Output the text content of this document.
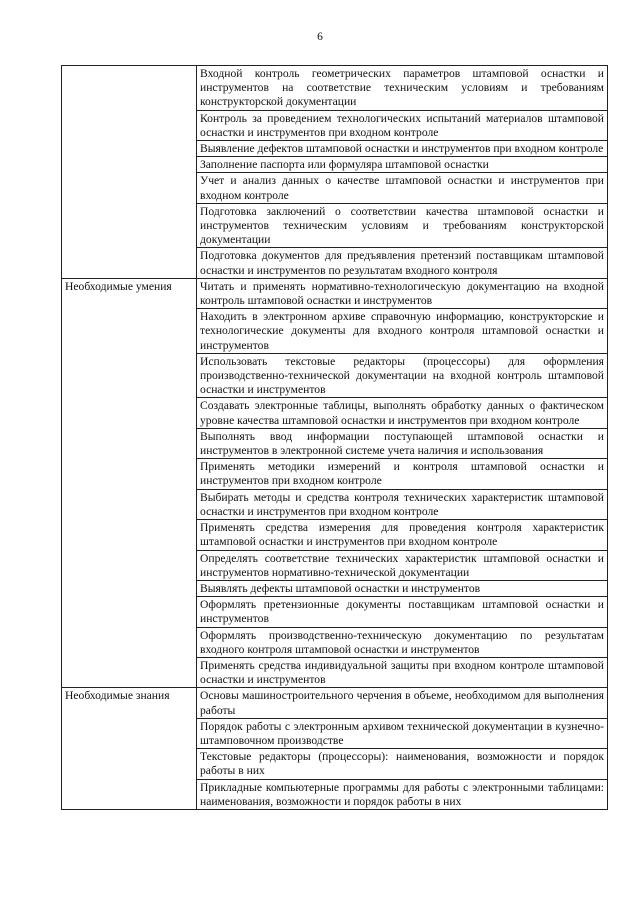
6

	Входной контроль геометрических параметров штамповой оснастки и инструментов на соответствие техническим условиям и требованиям конструкторской документации

	Контроль за проведением технологических испытаний материалов штамповой оснастки и инструментов при входном контроле

	Выявление дефектов штамповой оснастки и инструментов при входном контроле

	Заполнение паспорта или формуляра штамповой оснастки

	Учет и анализ данных о качестве штамповой оснастки и инструментов при входном контроле

	Подготовка заключений о соответствии качества штамповой оснастки и инструментов техническим условиям и требованиям конструкторской документации

	Подготовка документов для предъявления претензий поставщикам штамповой оснастки и инструментов по результатам входного контроля

Необходимые умения	Читать и применять нормативно-технологическую документацию на входной контроль штамповой оснастки и инструментов

	Находить в электронном архиве справочную информацию, конструкторские и технологические документы для входного контроля штамповой оснастки и инструментов

	Использовать текстовые редакторы (процессоры) для оформления производственно-технической документации на входной контроль штамповой оснастки и инструментов

	Создавать электронные таблицы, выполнять обработку данных о фактическом уровне качества штамповой оснастки и инструментов при входном контроле

	Выполнять ввод информации поступающей штамповой оснастки и инструментов в электронной системе учета наличия и использования

	Применять методики измерений и контроля штамповой оснастки и инструментов при входном контроле

	Выбирать методы и средства контроля технических характеристик штамповой оснастки и инструментов при входном контроле

	Применять средства измерения для проведения контроля характеристик штамповой оснастки и инструментов при входном контроле

	Определять соответствие технических характеристик штамповой оснастки и инструментов нормативно-технической документации

	Выявлять дефекты штамповой оснастки и инструментов

	Оформлять претензионные документы поставщикам штамповой оснастки и инструментов

	Оформлять производственно-техническую документацию по результатам входного контроля штамповой оснастки и инструментов

	Применять средства индивидуальной защиты при входном контроле штамповой оснастки и инструментов

Необходимые знания	Основы машиностроительного черчения в объеме, необходимом для выполнения работы

	Порядок работы с электронным архивом технической документации в кузнечно-штамповочном производстве

	Текстовые редакторы (процессоры): наименования, возможности и порядок работы в них

	Прикладные компьютерные программы для работы с электронными таблицами: наименования, возможности и порядок работы в них
